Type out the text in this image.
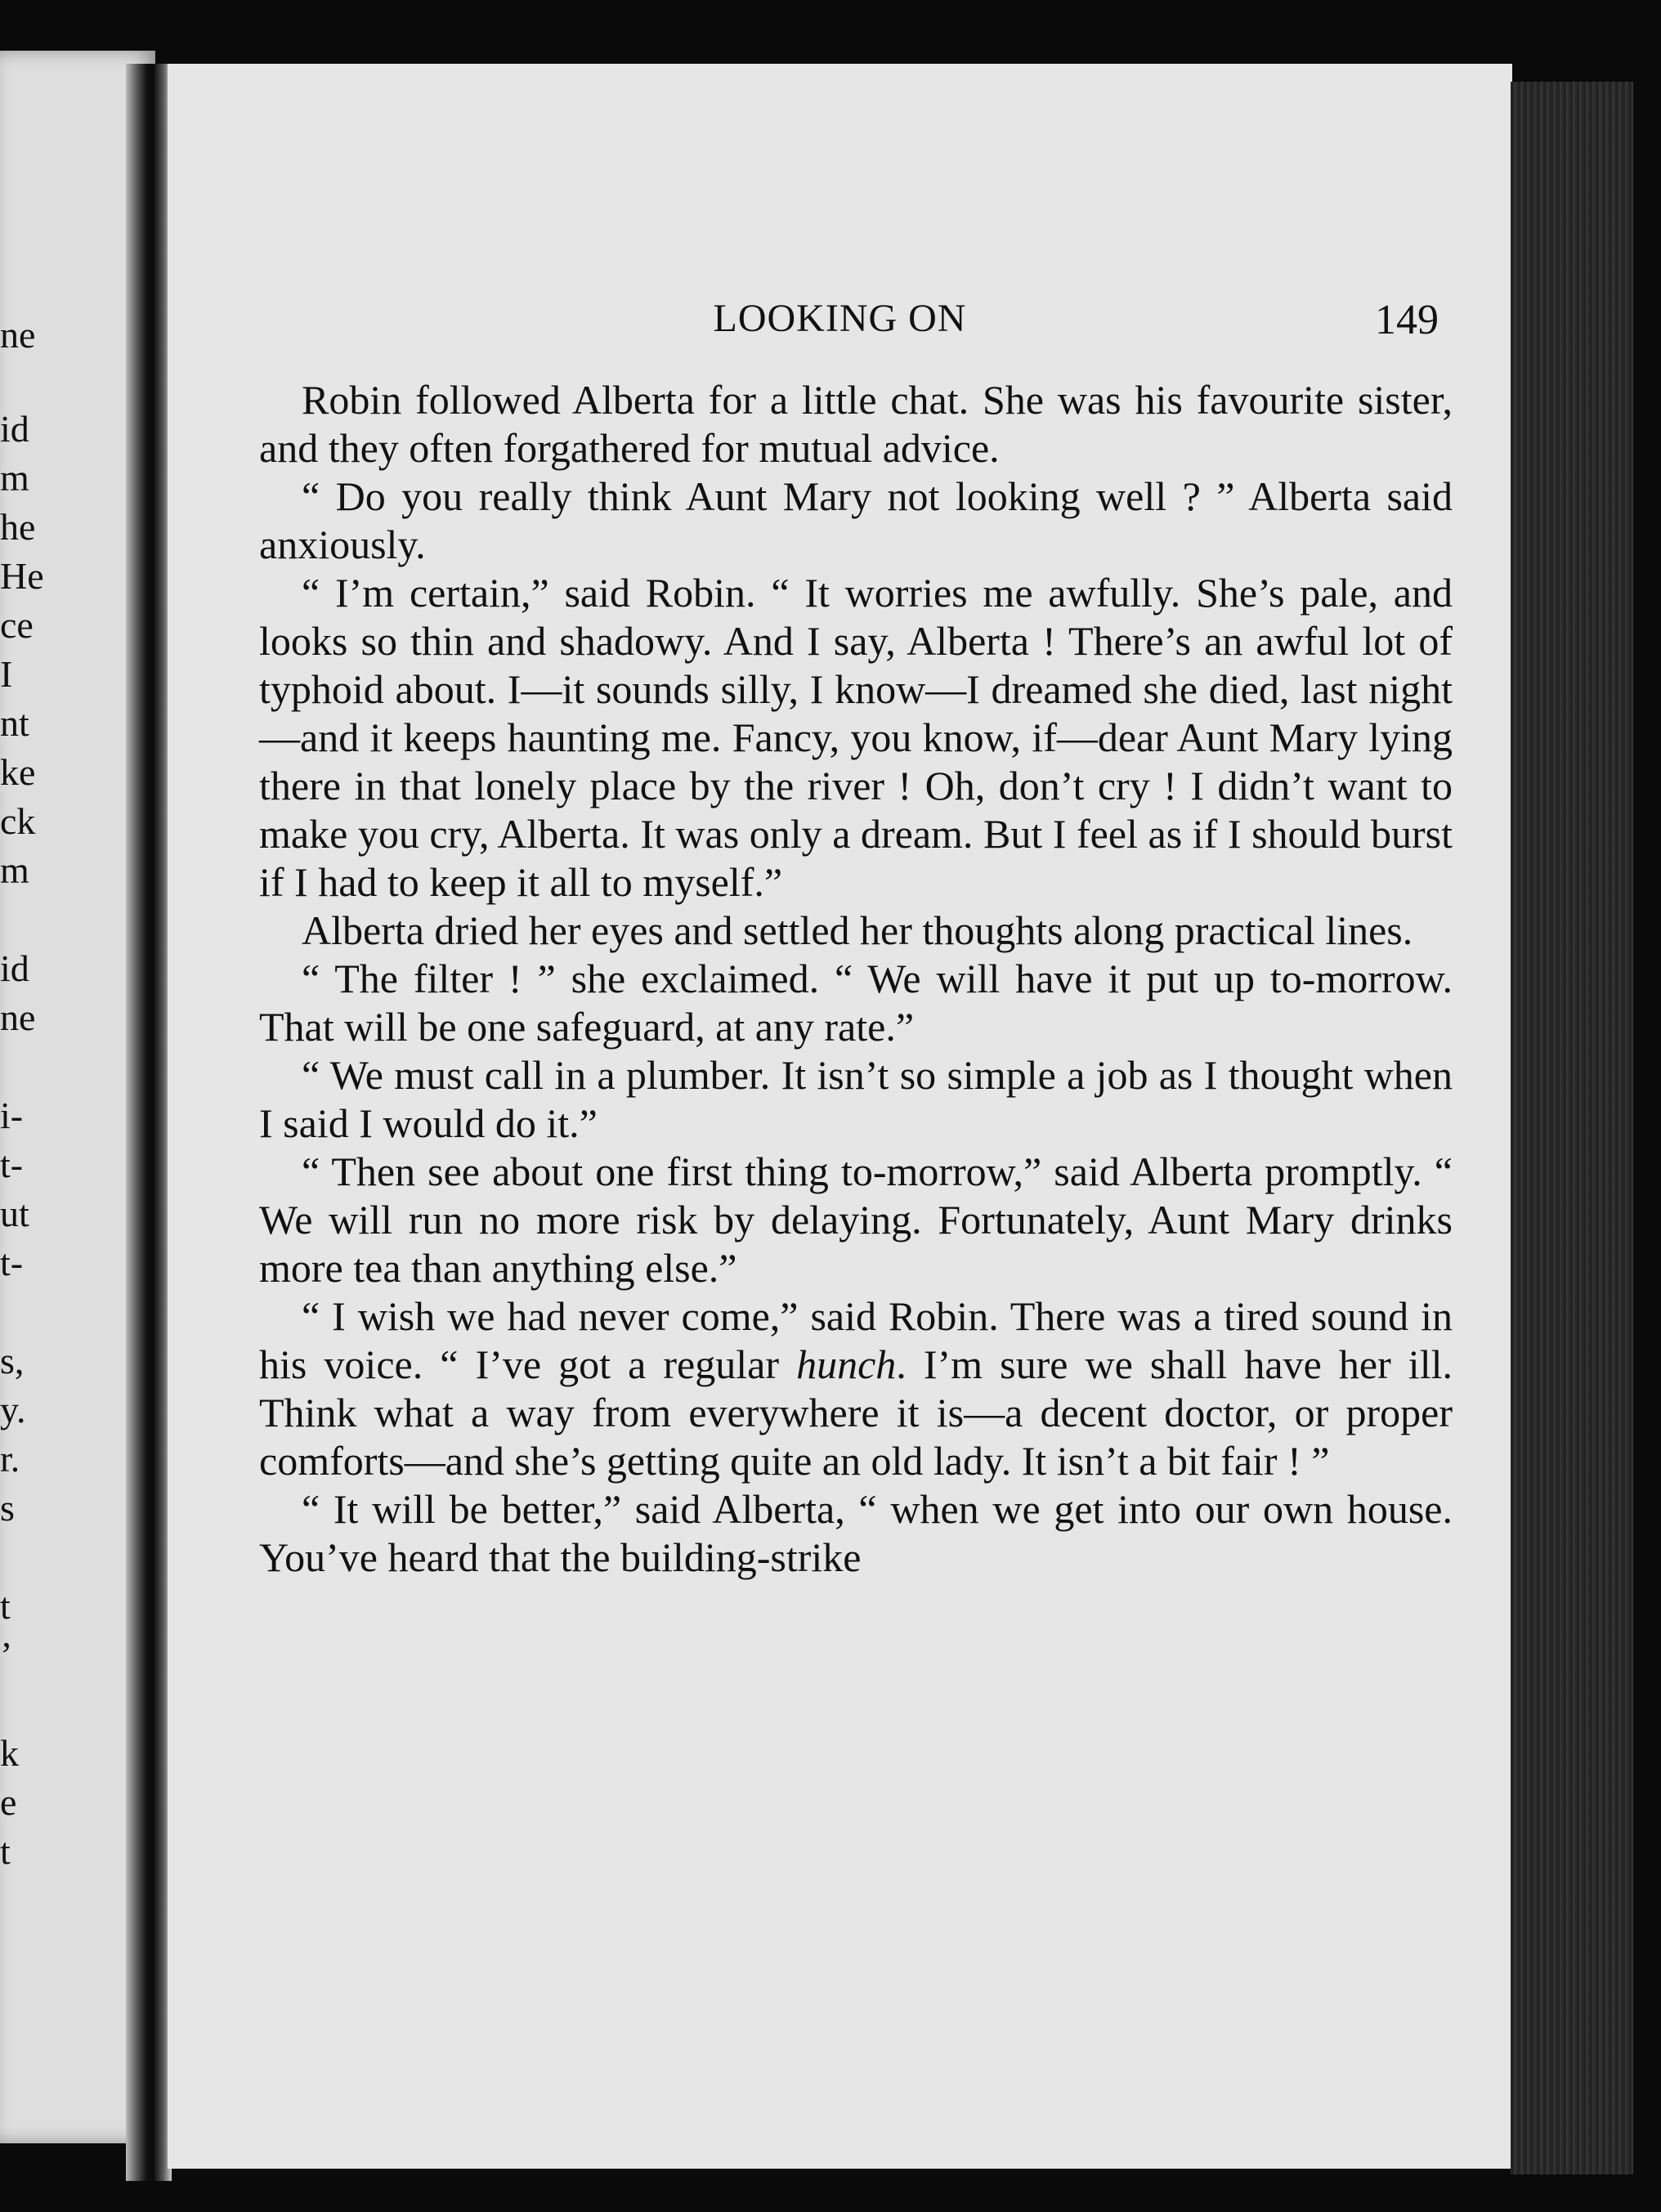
ne
id
m
he
He
ce
I
nt
ke
ck
m
id
ne
i-
t-
ut
t-
s,
y.
r.
s
t
’
k
e
t
LOOKING ON	149

Robin followed Alberta for a little chat. She was his favourite sister, and they often forgathered for mutual advice.

“ Do you really think Aunt Mary not looking well ? ” Alberta said anxiously.

“ I’m certain,” said Robin. “ It worries me awfully. She’s pale, and looks so thin and shadowy. And I say, Alberta ! There’s an awful lot of typhoid about. I—it sounds silly, I know—I dreamed she died, last night—and it keeps haunting me. Fancy, you know, if—dear Aunt Mary lying there in that lonely place by the river ! Oh, don’t cry ! I didn’t want to make you cry, Alberta. It was only a dream. But I feel as if I should burst if I had to keep it all to myself.”

Alberta dried her eyes and settled her thoughts along practical lines.

“ The filter ! ” she exclaimed. “ We will have it put up to-morrow. That will be one safeguard, at any rate.”

“ We must call in a plumber. It isn’t so simple a job as I thought when I said I would do it.”

“ Then see about one first thing to-morrow,” said Alberta promptly. “ We will run no more risk by delaying. Fortunately, Aunt Mary drinks more tea than anything else.”

“ I wish we had never come,” said Robin. There was a tired sound in his voice. “ I’ve got a regular hunch. I’m sure we shall have her ill. Think what a way from everywhere it is—a decent doctor, or proper comforts—and she’s getting quite an old lady. It isn’t a bit fair ! ”

“ It will be better,” said Alberta, “ when we get into our own house. You’ve heard that the building-strike
